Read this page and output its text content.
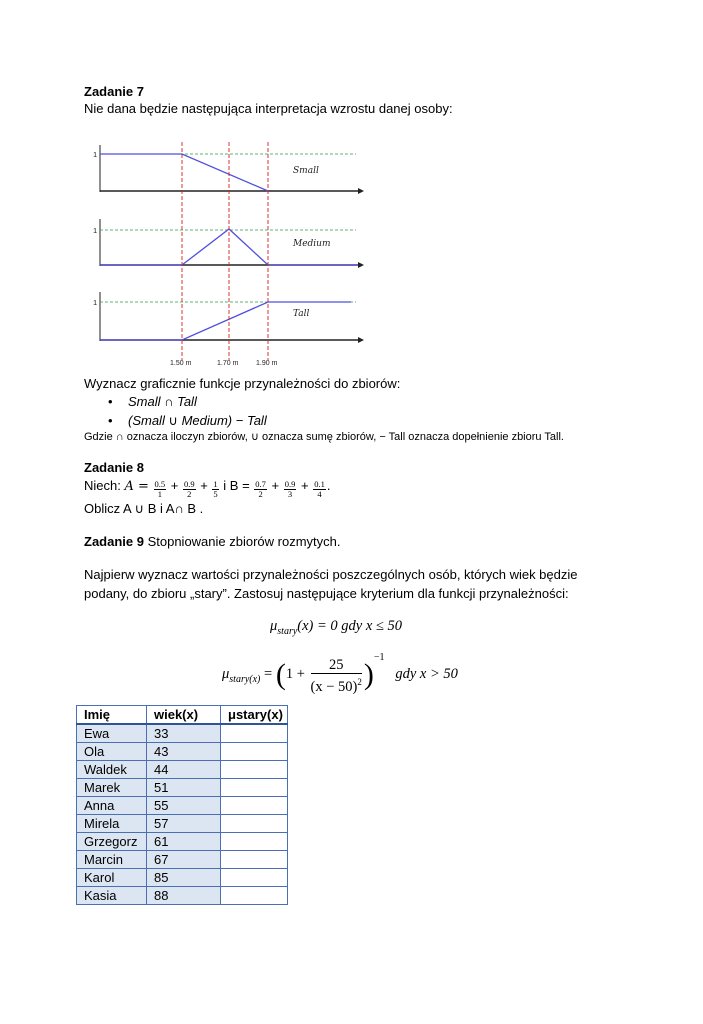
Zadanie 7
Nie dana będzie następująca interpretacja wzrostu danej osoby:
1
Small
1
Medium
1
Tall
1.50 m	1.70 m	1.90 m
Wyznacz graficznie funkcje przynależności do zbiorów:
• Small ∩ Tall
• (Small ∪ Medium) − Tall
Gdzie ∩ oznacza iloczyn zbiorów, ∪ oznacza sumę zbiorów, − Tall oznacza dopełnienie zbioru Tall.
Zadanie 8
Niech: $A = \frac{0.5}{1} + \frac{0.9}{2} + \frac{1}{5}$ i $B = \frac{0.7}{2} + \frac{0.9}{3} + \frac{0.1}{4}$ .
Oblicz A ∪ B i A∩ B .
Zadanie 9 Stopniowanie zbiorów rozmytych.
Najpierw wyznacz wartości przynależności poszczególnych osób, których wiek będzie
podany, do zbioru „stary”. Zastosuj następujące kryterium dla funkcji przynależności:
$\mu_{stary}(x) = 0$ gdy x ≤ 50
$\mu_{stary(x)} = (1 + \frac{25}{(x - 50)^2} )^{-1}$   gdy x > 50
Imię	wiek(x)	μstary(x)
Ewa	33	
Ola	43	
Waldek	44	
Marek	51	
Anna	55	
Mirela	57	
Grzegorz	61	
Marcin	67	
Karol	85	
Kasia	88	
